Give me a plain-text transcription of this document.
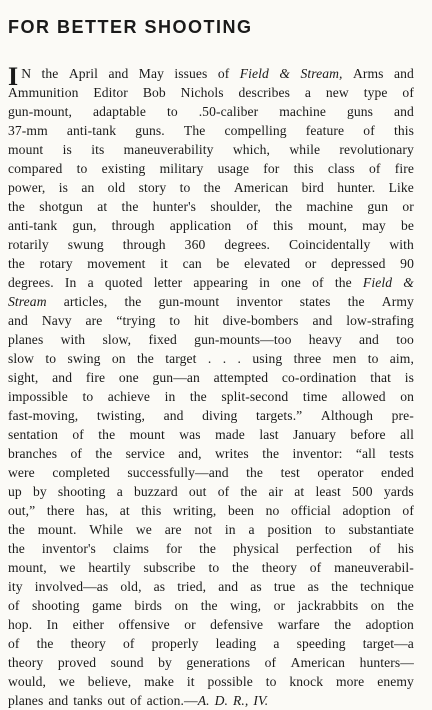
FOR BETTER SHOOTING
I N the April and May issues of Field & Stream, Arms and
Ammunition Editor Bob Nichols describes a new type of
gun-mount, adaptable to .50-caliber machine guns and
37-mm anti-tank guns. The compelling feature of this
mount is its maneuverability which, while revolutionary
compared to existing military usage for this class of fire
power, is an old story to the American bird hunter. Like
the shotgun at the hunter's shoulder, the machine gun or
anti-tank gun, through application of this mount, may be
rotarily swung through 360 degrees. Coincidentally with
the rotary movement it can be elevated or depressed 90
degrees. In a quoted letter appearing in one of the Field &
Stream articles, the gun-mount inventor states the Army
and Navy are “trying to hit dive-bombers and low-strafing
planes with slow, fixed gun-mounts—too heavy and too
slow to swing on the target . . . using three men to aim,
sight, and fire one gun—an attempted co-ordination that is
impossible to achieve in the split-second time allowed on
fast-moving, twisting, and diving targets.” Although pre-
sentation of the mount was made last January before all
branches of the service and, writes the inventor: “all tests
were completed successfully—and the test operator ended
up by shooting a buzzard out of the air at least 500 yards
out,” there has, at this writing, been no official adoption of
the mount. While we are not in a position to substantiate
the inventor's claims for the physical perfection of his
mount, we heartily subscribe to the theory of maneuverabil-
ity involved—as old, as tried, and as true as the technique
of shooting game birds on the wing, or jackrabbits on the
hop. In either offensive or defensive warfare the adoption
of the theory of properly leading a speeding target—a
theory proved sound by generations of American hunters—
would, we believe, make it possible to knock more enemy
planes and tanks out of action.—A. D. R., IV.
